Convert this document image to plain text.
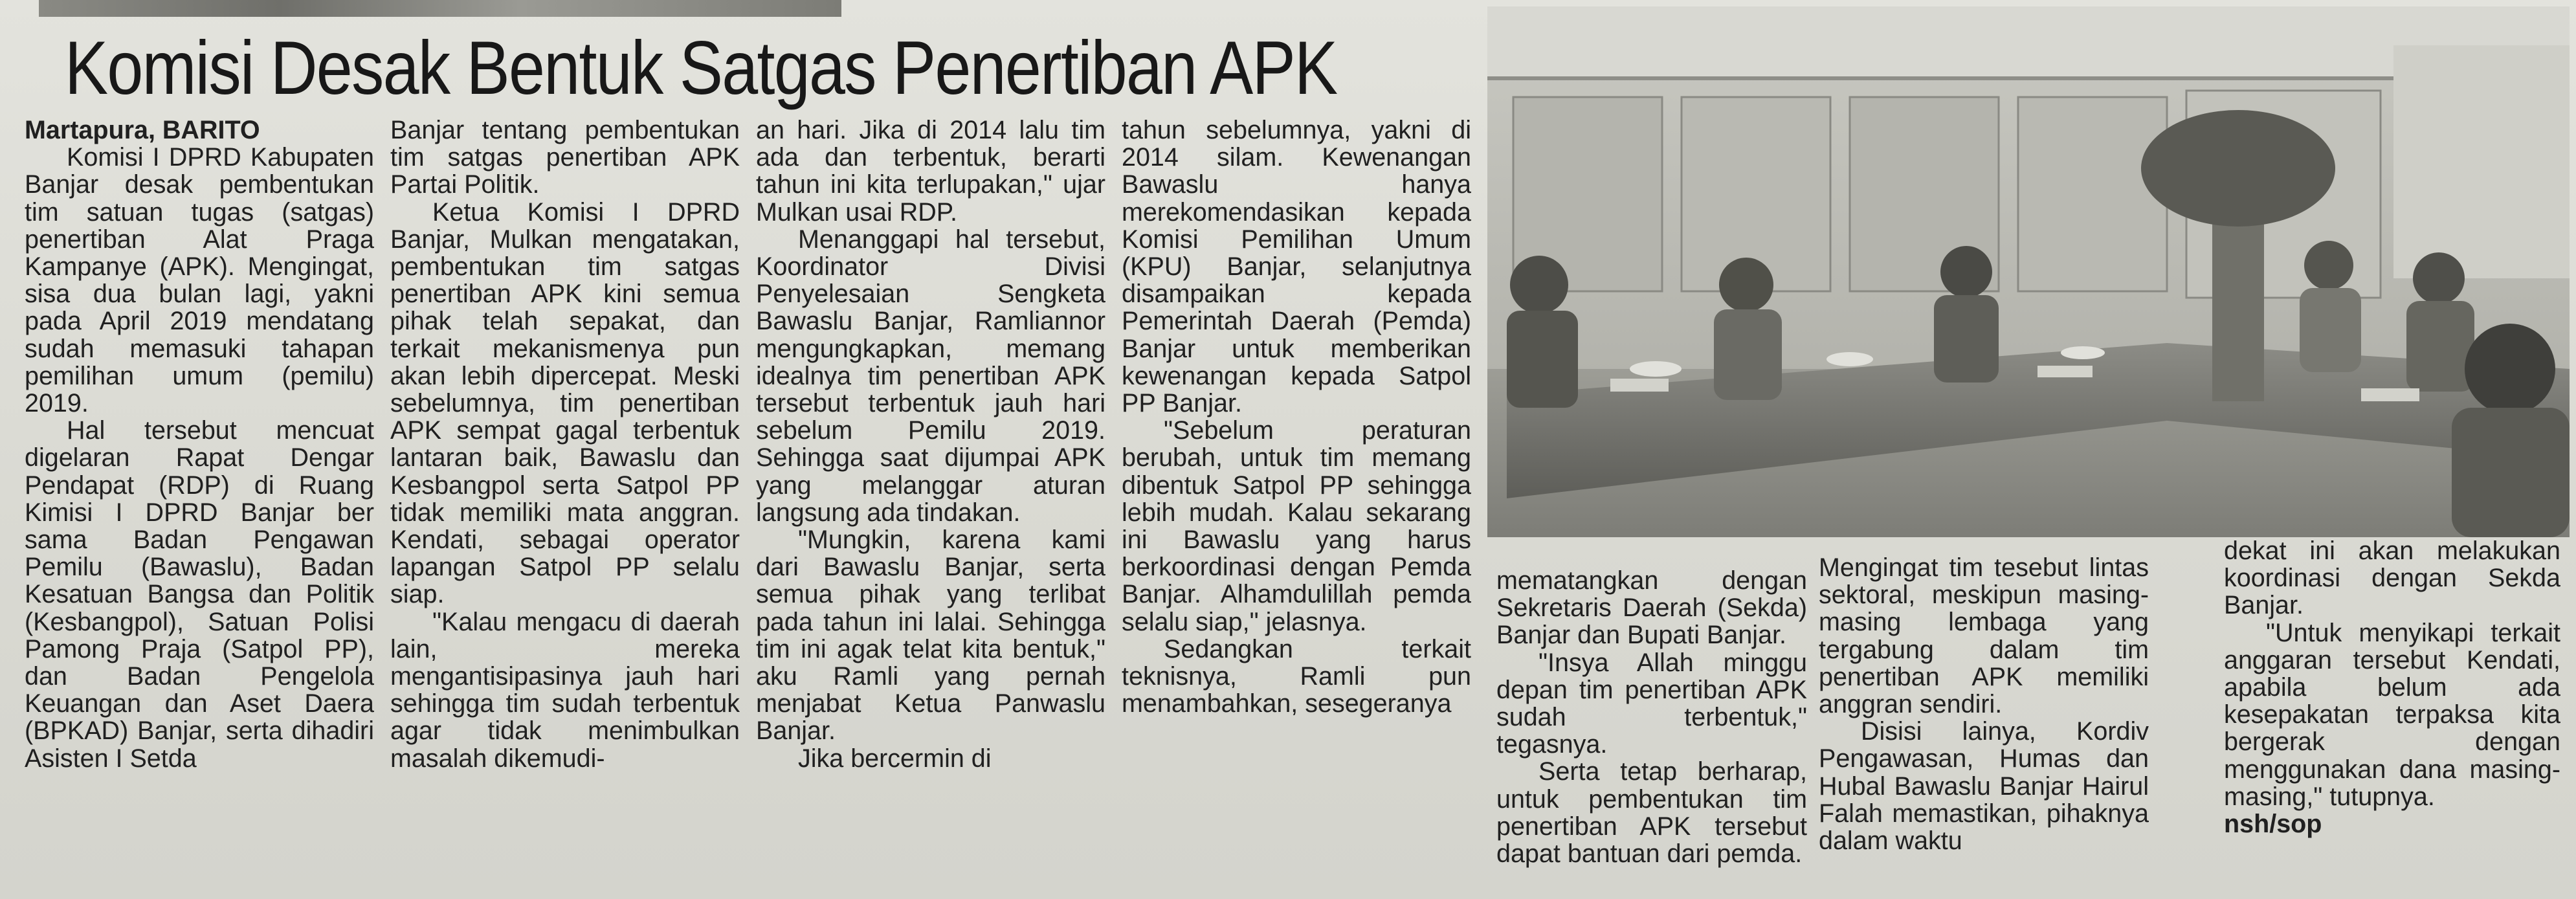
Komisi Desak Bentuk Satgas Penertiban APK

Martapura, BARITO

Komisi I DPRD Kabupaten Banjar desak pembentukan tim satuan tugas (satgas) penertiban Alat Praga Kampanye (APK). Mengingat, sisa dua bulan lagi, yakni pada April 2019 mendatang sudah memasuki tahapan pemilihan umum (pemilu) 2019.

Hal tersebut mencuat digelaran Rapat Dengar Pendapat (RDP) di Ruang Kimisi I DPRD Banjar ber sama Badan Pengawan Pemilu (Bawaslu), Badan Kesatuan Bangsa dan Politik (Kesbangpol), Satuan Polisi Pamong Praja (Satpol PP), dan Badan Pengelola Keuangan dan Aset Daera (BPKAD) Banjar, serta dihadiri Asisten I Setda

Banjar tentang pembentukan tim satgas penertiban APK Partai Politik.

Ketua Komisi I DPRD Banjar, Mulkan mengatakan, pembentukan tim satgas penertiban APK kini semua pihak telah sepakat, dan terkait mekanismenya pun akan lebih dipercepat. Meski sebelumnya, tim penertiban APK sempat gagal terbentuk lantaran baik, Bawaslu dan Kesbangpol serta Satpol PP tidak memiliki mata anggran. Kendati, sebagai operator lapangan Satpol PP selalu siap.

"Kalau mengacu di daerah lain, mereka mengantisipasinya jauh hari sehingga tim sudah terbentuk agar tidak menimbulkan masalah dikemudi-

an hari. Jika di 2014 lalu tim ada dan terbentuk, berarti tahun ini kita terlupakan," ujar Mulkan usai RDP.

Menanggapi hal tersebut, Koordinator Divisi Penyelesaian Sengketa Bawaslu Banjar, Ramliannor mengungkapkan, memang idealnya tim penertiban APK tersebut terbentuk jauh hari sebelum Pemilu 2019. Sehingga saat dijumpai APK yang melanggar aturan langsung ada tindakan.

"Mungkin, karena kami dari Bawaslu Banjar, serta semua pihak yang terlibat pada tahun ini lalai. Sehingga tim ini agak telat kita bentuk," aku Ramli yang pernah menjabat Ketua Panwaslu Banjar.

Jika bercermin di

tahun sebelumnya, yakni di 2014 silam. Kewenangan Bawaslu hanya merekomendasikan kepada Komisi Pemilihan Umum (KPU) Banjar, selanjutnya disampaikan kepada Pemerintah Daerah (Pemda) Banjar untuk memberikan kewenangan kepada Satpol PP Banjar.

"Sebelum peraturan berubah, untuk tim memang dibentuk Satpol PP sehingga lebih mudah. Kalau sekarang ini Bawaslu yang harus berkoordinasi dengan Pemda Banjar. Alhamdulillah pemda selalu siap," jelasnya.

Sedangkan terkait teknisnya, Ramli pun menambahkan, sesegeranya

mematangkan dengan Sekretaris Daerah (Sekda) Banjar dan Bupati Banjar.

"Insya Allah minggu depan tim penertiban APK sudah terbentuk," tegasnya.

Serta tetap berharap, untuk pembentukan tim penertiban APK tersebut dapat bantuan dari pemda.

Mengingat tim tesebut lintas sektoral, meskipun masing-masing lembaga yang tergabung dalam tim penertiban APK memiliki anggran sendiri.

Disisi lainya, Kordiv Pengawasan, Humas dan Hubal Bawaslu Banjar Hairul Falah memastikan, pihaknya dalam waktu

dekat ini akan melakukan koordinasi dengan Sekda Banjar.

"Untuk menyikapi terkait anggaran tersebut Kendati, apabila belum ada kesepakatan terpaksa kita bergerak dengan menggunakan dana masing-masing," tutupnya.

nsh/sop
